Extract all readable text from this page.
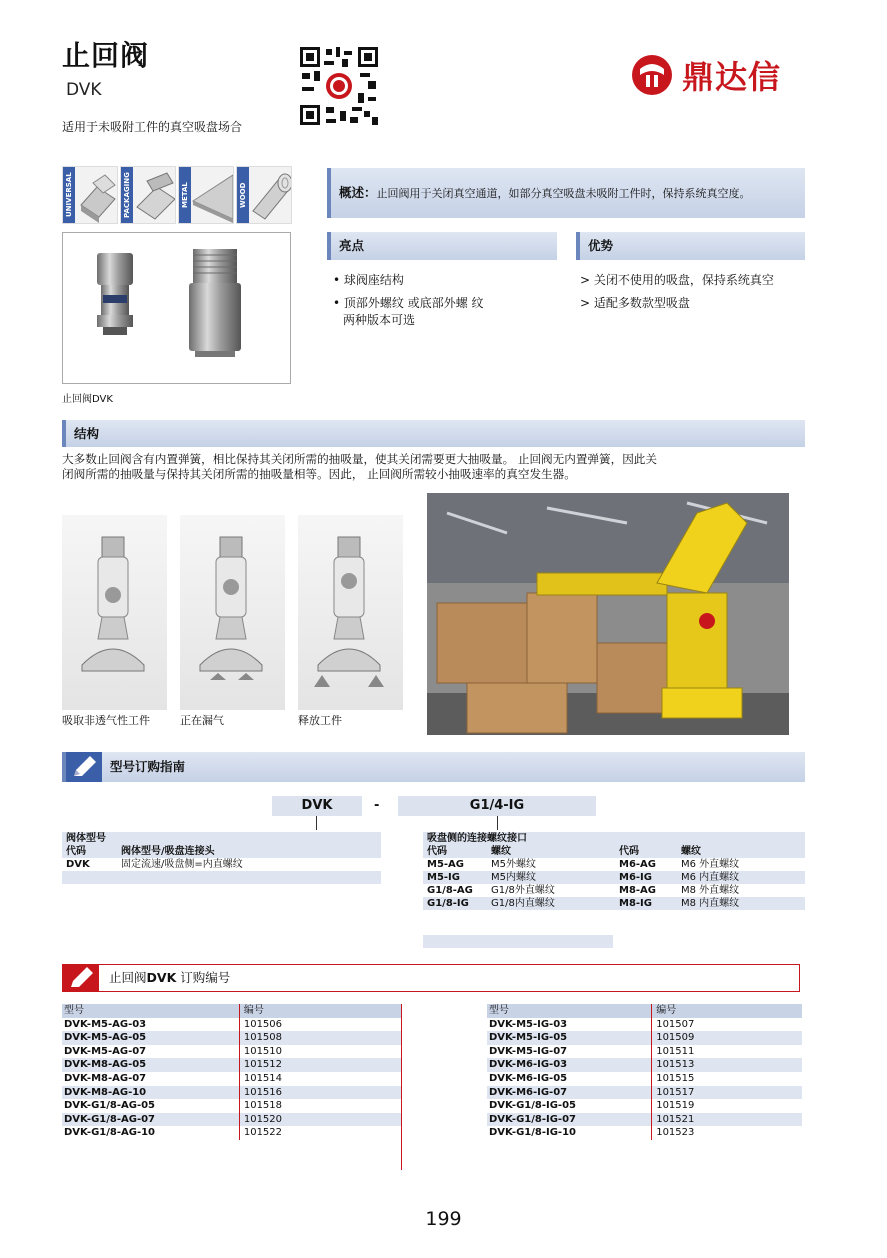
止回阀
DVK
适用于未吸附工件的真空吸盘场合
鼎达信
UNIVERSAL	PACKAGING	METAL	WOOD
止回阀DVK
概述：止回阀用于关闭真空通道，如部分真空吸盘未吸附工件时，保持系统真空度。
亮点	优势
• 球阀座结构
• 顶部外螺纹 或底部外螺 纹
两种版本可选
> 关闭不使用的吸盘，保持系统真空
> 适配多数款型吸盘
结构
大多数止回阀含有内置弹簧，相比保持其关闭所需的抽吸量，使其关闭需要更大抽吸量。 止回阀无内置弹簧，因此关
闭阀所需的抽吸量与保持其关闭所需的抽吸量相等。因此， 止回阀所需较小抽吸速率的真空发生器。
吸取非透气性工件	正在漏气	释放工件
型号订购指南
DVK	-	G1/4-IG
阀体型号
代码	阀体型号/吸盘连接头
DVK	固定流速/吸盘侧=内直螺纹
吸盘侧的连接螺纹接口
代码	螺纹	代码	螺纹
M5-AG	M5外螺纹	M6-AG	M6 外直螺纹
M5-IG	M5内螺纹	M6-IG	M6 内直螺纹
G1/8-AG	G1/8外直螺纹	M8-AG	M8 外直螺纹
G1/8-IG	G1/8内直螺纹	M8-IG	M8 内直螺纹
止回阀DVK 订购编号
型号	编号
DVK-M5-AG-03	101506
DVK-M5-AG-05	101508
DVK-M5-AG-07	101510
DVK-M8-AG-05	101512
DVK-M8-AG-07	101514
DVK-M8-AG-10	101516
DVK-G1/8-AG-05	101518
DVK-G1/8-AG-07	101520
DVK-G1/8-AG-10	101522
型号	编号
DVK-M5-IG-03	101507
DVK-M5-IG-05	101509
DVK-M5-IG-07	101511
DVK-M6-IG-03	101513
DVK-M6-IG-05	101515
DVK-M6-IG-07	101517
DVK-G1/8-IG-05	101519
DVK-G1/8-IG-07	101521
DVK-G1/8-IG-10	101523
199
